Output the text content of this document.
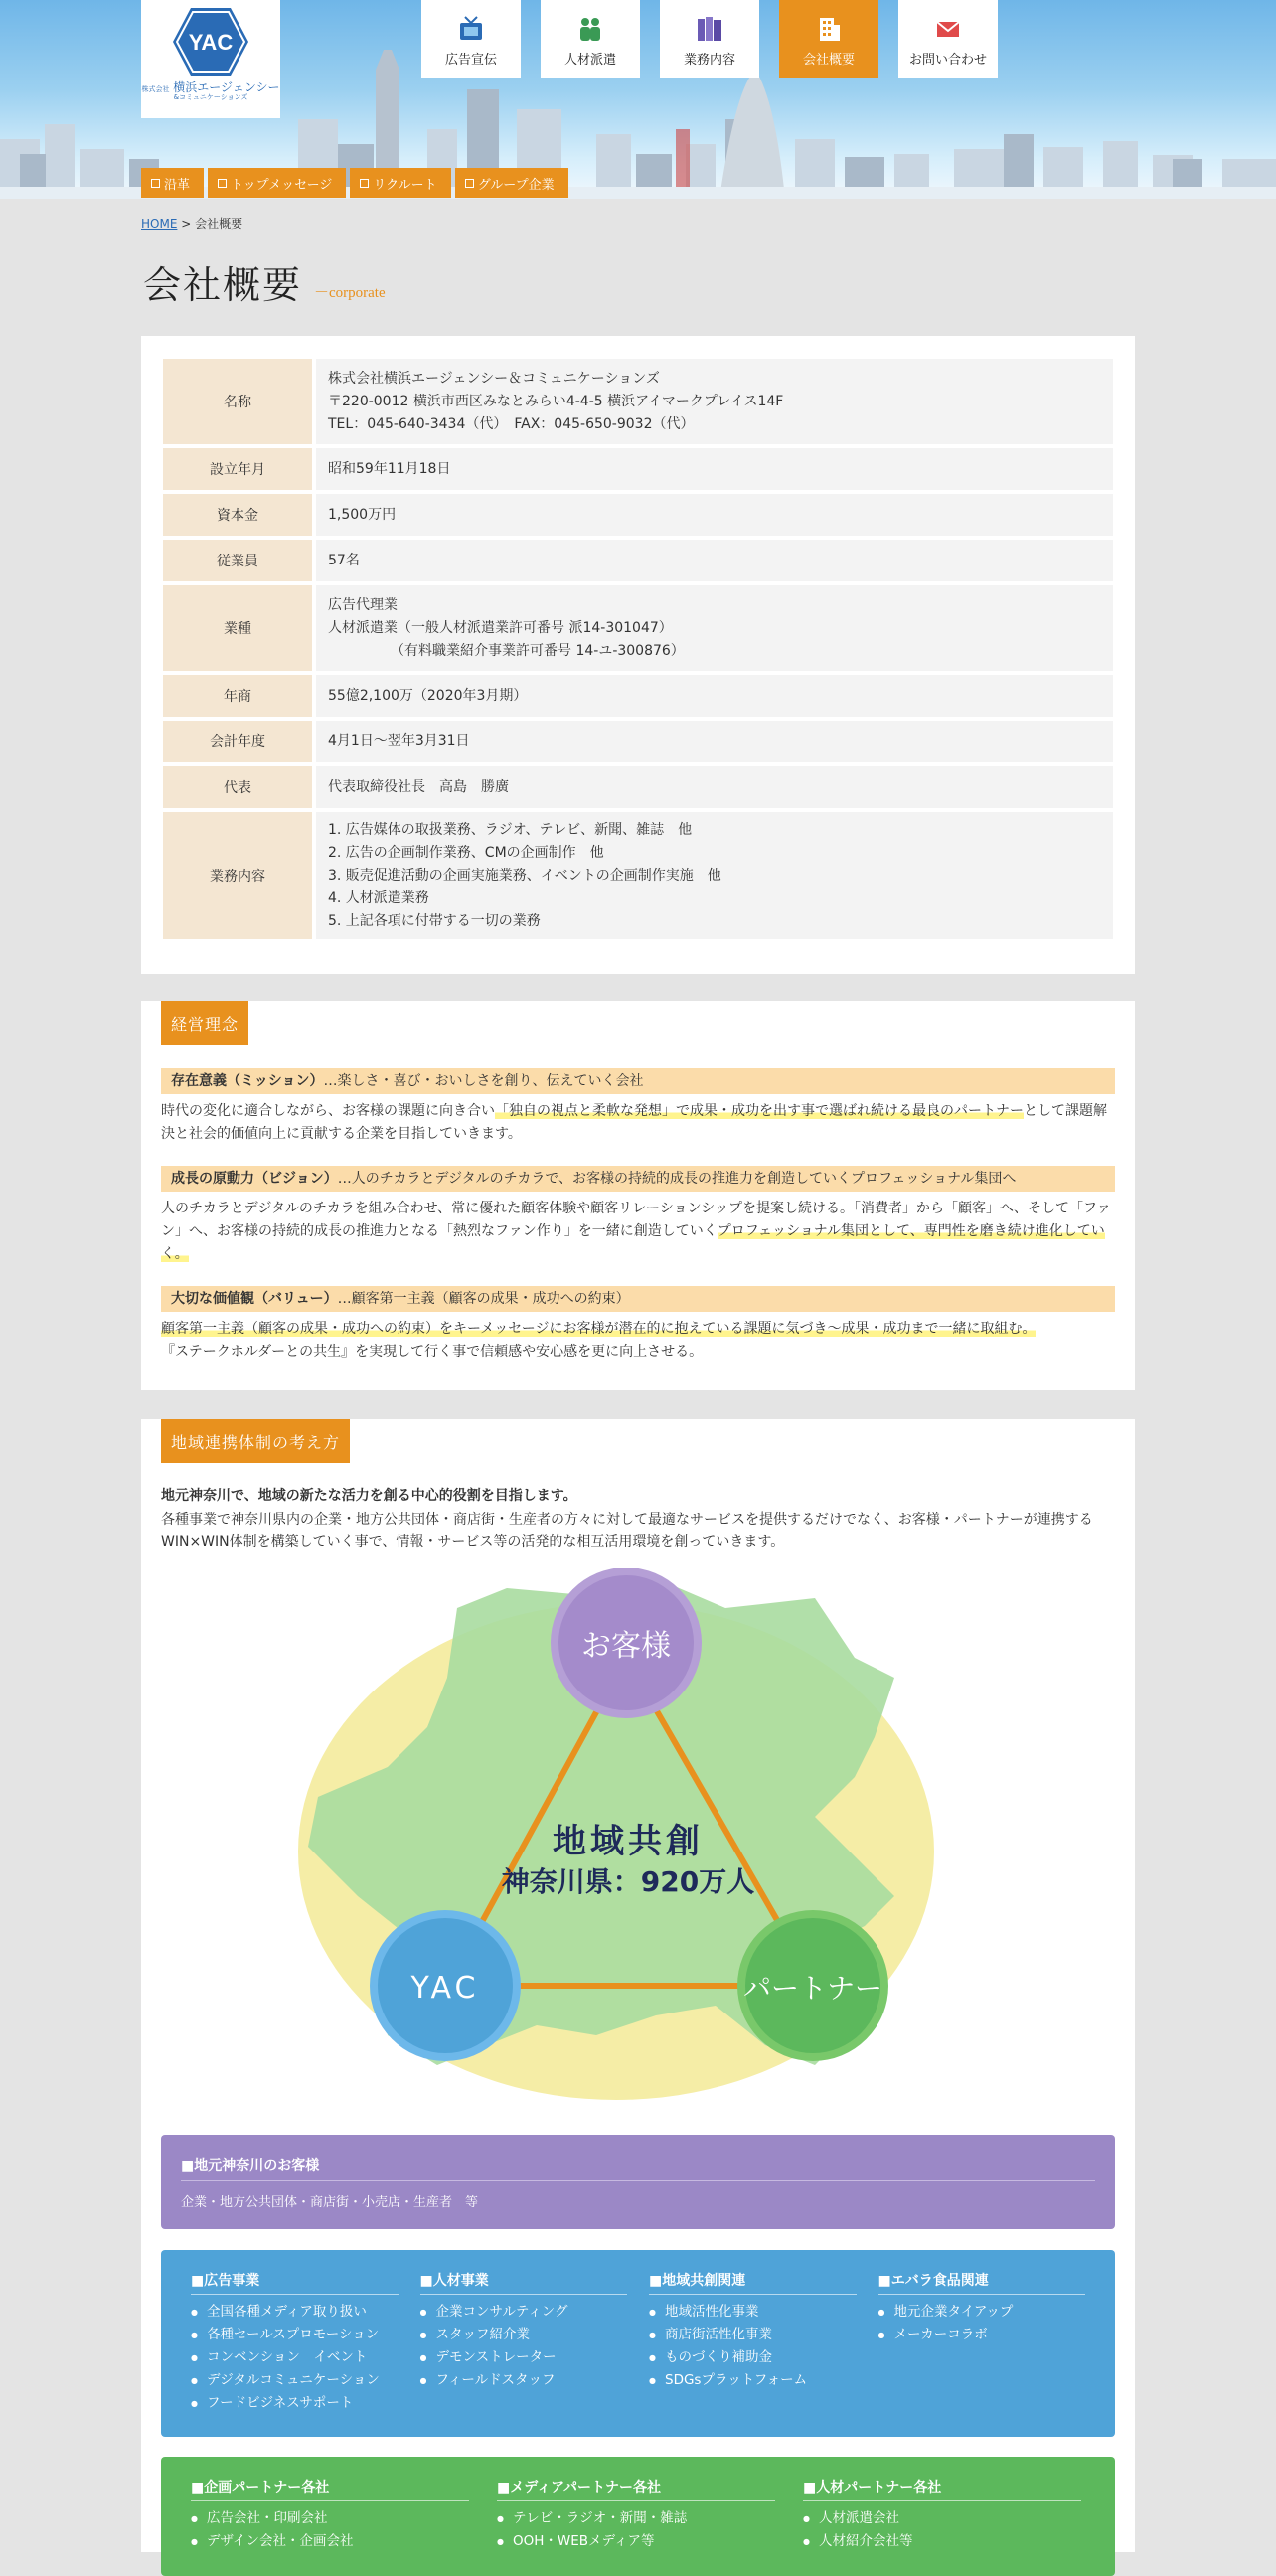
YAC
株式会社 横浜エージェンシー
&コミュニケーションズ
広告宣伝	人材派遣	業務内容	会社概要	お問い合わせ
沿革	トップメッセージ	リクルート	グループ企業
HOME > 会社概要
会社概要 －corporate
名称	株式会社横浜エージェンシー＆コミュニケーションズ
〒220-0012 横浜市西区みなとみらい4-4-5 横浜アイマークプレイス14F
TEL：045-640-3434（代）　FAX：045-650-9032（代）

設立年月	昭和59年11月18日

資本金	1,500万円

従業員	57名

業種	広告代理業
人材派遣業（一般人材派遣業許可番号 派14-301047）
　　　　　（有料職業紹介事業許可番号 14-ユ-300876）

年商	55億2,100万（2020年3月期）

会計年度	4月1日～翌年3月31日

代表	代表取締役社長　高島　勝廣

業務内容	1. 広告媒体の取扱業務、ラジオ、テレビ、新聞、雑誌　他
2. 広告の企画制作業務、CMの企画制作　他
3. 販売促進活動の企画実施業務、イベントの企画制作実施　他
4. 人材派遣業務
5. 上記各項に付帯する一切の業務
経営理念
存在意義（ミッション）…楽しさ・喜び・おいしさを創り、伝えていく会社
時代の変化に適合しながら、お客様の課題に向き合い「独自の視点と柔軟な発想」で成果・成功を出す事で選ばれ続ける最良のパートナーとして課題解決と社会的価値向上に貢献する企業を目指していきます。
成長の原動力（ビジョン）…人のチカラとデジタルのチカラで、お客様の持続的成長の推進力を創造していくプロフェッショナル集団へ
人のチカラとデジタルのチカラを組み合わせ、常に優れた顧客体験や顧客リレーションシップを提案し続ける。「消費者」から「顧客」へ、そして「ファン」へ、お客様の持続的成長の推進力となる「熱烈なファン作り」を一緒に創造していくプロフェッショナル集団として、専門性を磨き続け進化していく。
大切な価値観（バリュー）…顧客第一主義（顧客の成果・成功への約束）
顧客第一主義（顧客の成果・成功への約束）をキーメッセージにお客様が潜在的に抱えている課題に気づき～成果・成功まで一緒に取組む。
『ステークホルダーとの共生』を実現して行く事で信頼感や安心感を更に向上させる。
地域連携体制の考え方
地元神奈川で、地域の新たな活力を創る中心的役割を目指します。
各種事業で神奈川県内の企業・地方公共団体・商店街・生産者の方々に対して最適なサービスを提供するだけでなく、お客様・パートナーが連携するWIN×WIN体制を構築していく事で、情報・サービス等の活発的な相互活用環境を創っていきます。
お客様
YAC	パートナー
地域共創
神奈川県：920万人
■地元神奈川のお客様
企業・地方公共団体・商店街・小売店・生産者　等
■広告事業
● 全国各種メディア取り扱い
● 各種セールスプロモーション
● コンベンション　イベント
● デジタルコミュニケーション
● フードビジネスサポート
■人材事業
● 企業コンサルティング
● スタッフ紹介業
● デモンストレーター
● フィールドスタッフ
■地域共創関連
● 地域活性化事業
● 商店街活性化事業
● ものづくり補助金
● SDGsプラットフォーム
■エバラ食品関連
● 地元企業タイアップ
● メーカーコラボ
■企画パートナー各社
● 広告会社・印刷会社
● デザイン会社・企画会社
■メディアパートナー各社
● テレビ・ラジオ・新聞・雑誌
● OOH・WEBメディア等
■人材パートナー各社
● 人材派遣会社
● 人材紹介会社等
